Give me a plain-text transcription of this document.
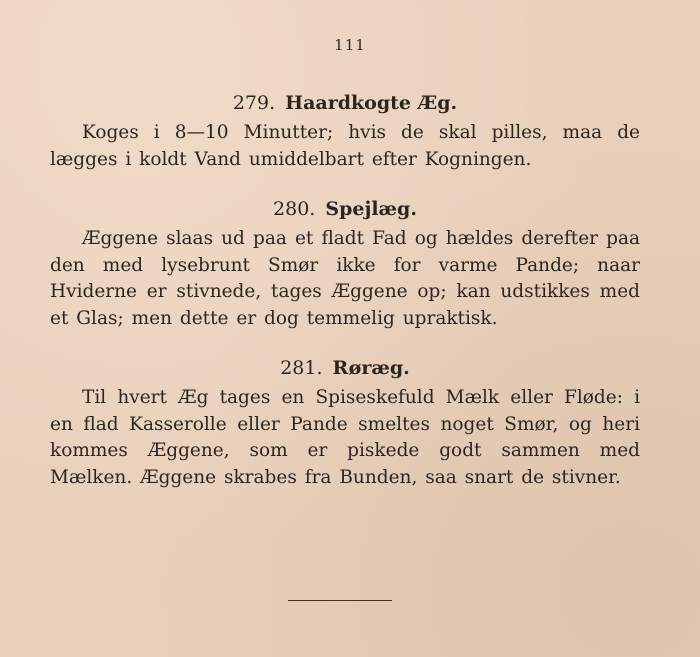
111
279. Haardkogte Æg.

Koges i 8—10 Minutter; hvis de skal pilles, maa de lægges i koldt Vand umiddelbart efter Kogningen.

280. Spejlæg.

Æggene slaas ud paa et fladt Fad og hældes derefter paa den med lysebrunt Smør ikke for varme Pande; naar Hviderne er stivnede, tages Æggene op; kan udstikkes med et Glas; men dette er dog temmelig upraktisk.

281. Røræg.

Til hvert Æg tages en Spiseskefuld Mælk eller Fløde: i en flad Kasserolle eller Pande smeltes noget Smør, og heri kommes Æggene, som er piskede godt sammen med Mælken. Æggene skrabes fra Bunden, saa snart de stivner.
